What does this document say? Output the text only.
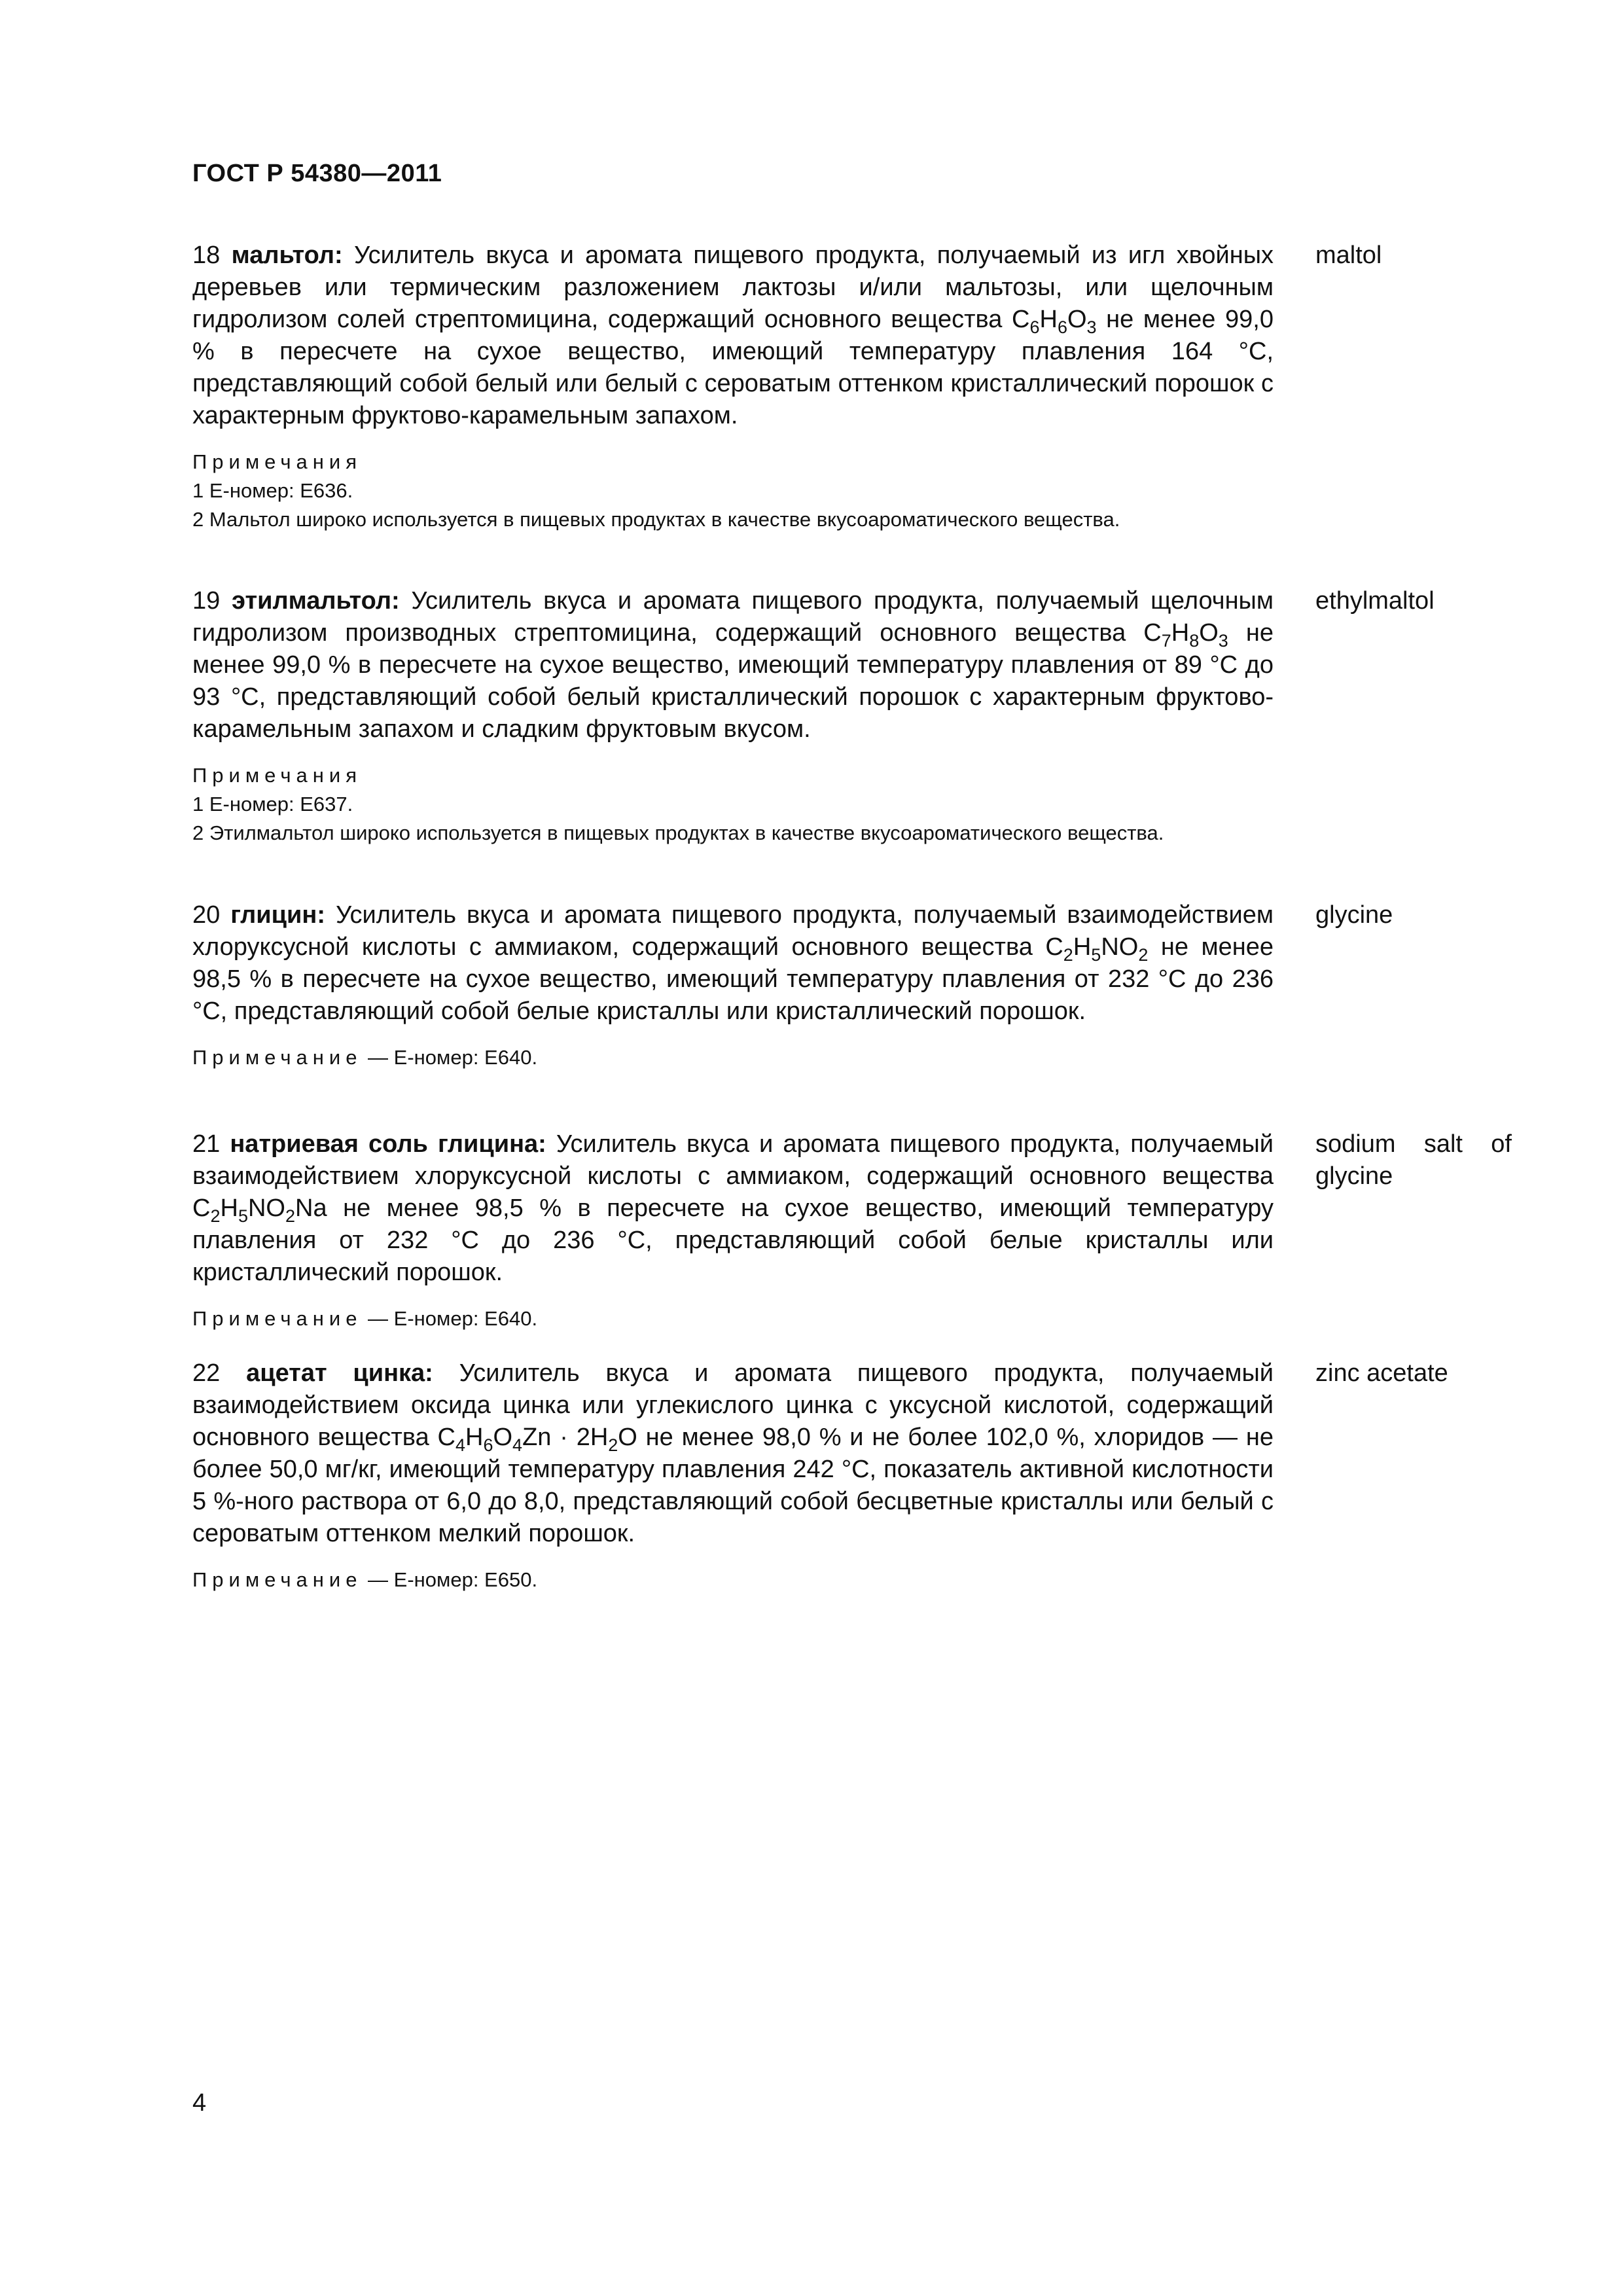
ГОСТ Р 54380—2011

18 мальтол: Усилитель вкуса и аромата пищевого продукта, получаемый из игл хвойных деревьев или термическим разложением лактозы и/или мальтозы, или щелочным гидролизом солей стрептомицина, содержащий основного вещества $C_6H_6O_3$ не менее 99,0 % в пересчете на сухое вещество, имеющий температуру плавления 164 °С, представляющий собой белый или белый с сероватым оттенком кристаллический порошок с характерным фруктово-карамельным запахом.

Примечания

1 Е-номер: Е636.

2 Мальтол широко используется в пищевых продуктах в качестве вкусоароматического вещества.

maltol

19 этилмальтол: Усилитель вкуса и аромата пищевого продукта, получаемый щелочным гидролизом производных стрептомицина, содержащий основного вещества $C_7H_8O_3$ не менее 99,0 % в пересчете на сухое вещество, имеющий температуру плавления от 89 °С до 93 °С, представляющий собой белый кристаллический порошок с характерным фруктово-карамельным запахом и сладким фруктовым вкусом.

Примечания

1 Е-номер: Е637.

2 Этилмальтол широко используется в пищевых продуктах в качестве вкусоароматического вещества.

ethylmaltol

20 глицин: Усилитель вкуса и аромата пищевого продукта, получаемый взаимодействием хлоруксусной кислоты с аммиаком, содержащий основного вещества $C_2H_5NO_2$ не менее 98,5 % в пересчете на сухое вещество, имеющий температуру плавления от 232 °С до 236 °С, представляющий собой белые кристаллы или кристаллический порошок.

Примечание — Е-номер: Е640.

glycine

21 натриевая соль глицина: Усилитель вкуса и аромата пищевого продукта, получаемый взаимодействием хлоруксусной кислоты с аммиаком, содержащий основного вещества $C_2H_5NO_2Na$ не менее 98,5 % в пересчете на сухое вещество, имеющий температуру плавления от 232 °С до 236 °С, представляющий собой белые кристаллы или кристаллический порошок.

Примечание — Е-номер: Е640.

sodium salt of glycine

22 ацетат цинка: Усилитель вкуса и аромата пищевого продукта, получаемый взаимодействием оксида цинка или углекислого цинка с уксусной кислотой, содержащий основного вещества $C_4H_6O_4Zn \cdot 2H_2O$ не менее 98,0 % и не более 102,0 %, хлоридов — не более 50,0 мг/кг, имеющий температуру плавления 242 °С, показатель активной кислотности 5 %-ного раствора от 6,0 до 8,0, представляющий собой бесцветные кристаллы или белый с сероватым оттенком мелкий порошок.

Примечание — Е-номер: Е650.

zinc acetate
4
